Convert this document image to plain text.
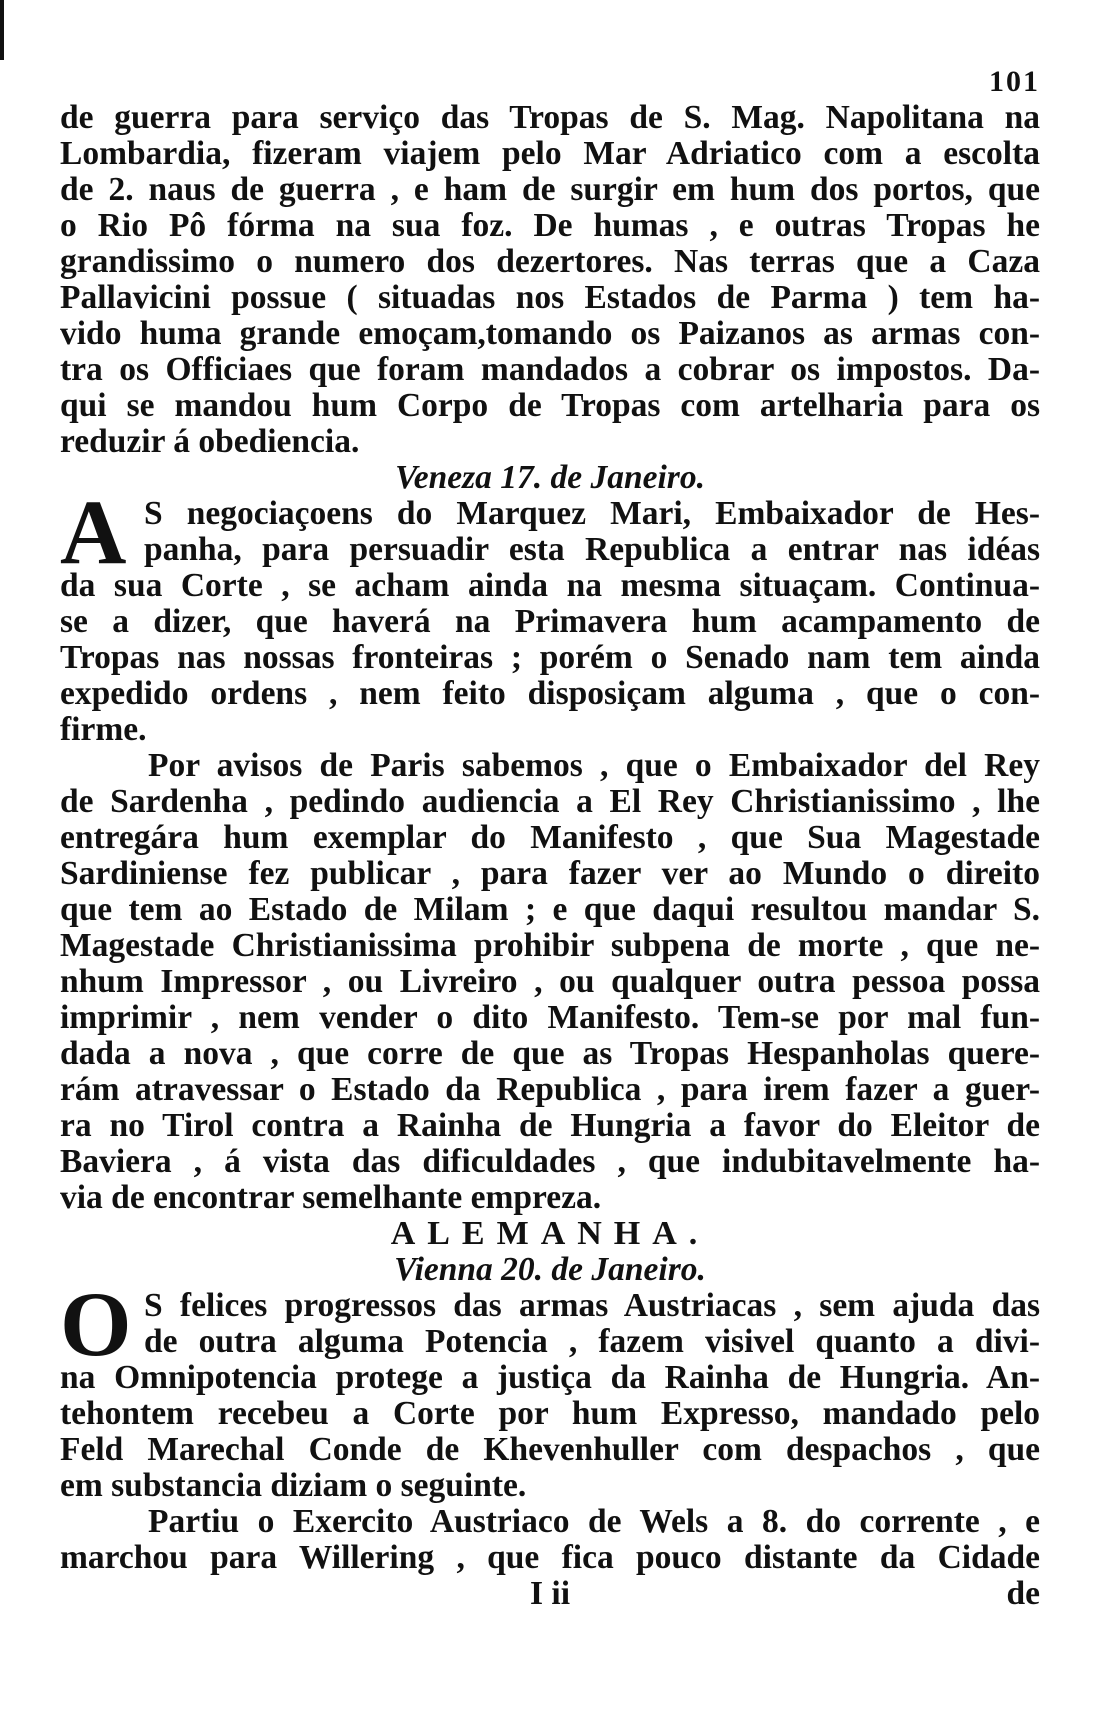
101
de guerra para serviço das Tropas de S. Mag. Napolitana na
Lombardia, fizeram viajem pelo Mar Adriatico com a escolta
de 2. naus de guerra , e ham de surgir em hum dos portos, que
o Rio Pô fórma na sua foz. De humas , e outras Tropas he
grandissimo o numero dos dezertores. Nas terras que a Caza
Pallavicini possue ( situadas nos Estados de Parma ) tem ha-
vido huma grande emoçam,tomando os Paizanos as armas con-
tra os Officiaes que foram mandados a cobrar os impostos. Da-
qui se mandou hum Corpo de Tropas com artelharia para os
reduzir á obediencia.
Veneza 17. de Janeiro.
A S negociaçoens do Marquez Mari, Embaixador de Hes-
panha, para persuadir esta Republica a entrar nas idéas
da sua Corte , se acham ainda na mesma situaçam. Continua-
se a dizer, que haverá na Primavera hum acampamento de
Tropas nas nossas fronteiras ; porém o Senado nam tem ainda
expedido ordens , nem feito disposiçam alguma , que o con-
firme.
Por avisos de Paris sabemos , que o Embaixador del Rey
de Sardenha , pedindo audiencia a El Rey Christianissimo , lhe
entregára hum exemplar do Manifesto , que Sua Magestade
Sardiniense fez publicar , para fazer ver ao Mundo o direito
que tem ao Estado de Milam ; e que daqui resultou mandar S.
Magestade Christianissima prohibir subpena de morte , que ne-
nhum Impressor , ou Livreiro , ou qualquer outra pessoa possa
imprimir , nem vender o dito Manifesto. Tem-se por mal fun-
dada a nova , que corre de que as Tropas Hespanholas quere-
rám atravessar o Estado da Republica , para irem fazer a guer-
ra no Tirol contra a Rainha de Hungria a favor do Eleitor de
Baviera , á vista das dificuldades , que indubitavelmente ha-
via de encontrar semelhante empreza.
ALEMANHA.
Vienna 20. de Janeiro.
O S felices progressos das armas Austriacas , sem ajuda das
de outra alguma Potencia , fazem visivel quanto a divi-
na Omnipotencia protege a justiça da Rainha de Hungria. An-
tehontem recebeu a Corte por hum Expresso, mandado pelo
Feld Marechal Conde de Khevenhuller com despachos , que
em substancia diziam o seguinte.
Partiu o Exercito Austriaco de Wels a 8. do corrente , e
marchou para Willering , que fica pouco distante da Cidade
I ii	de
